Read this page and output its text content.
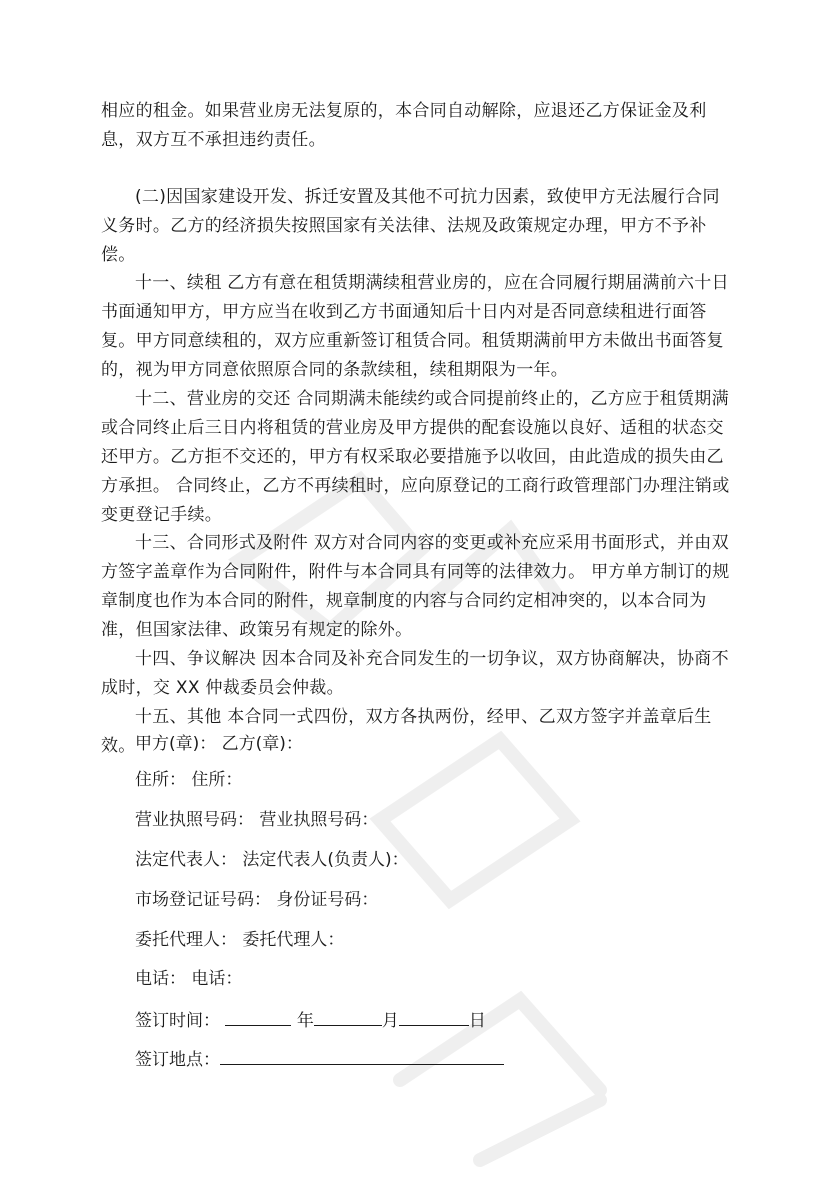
相应的租金。如果营业房无法复原的，本合同自动解除，应退还乙方保证金及利息，双方互不承担违约责任。

(二)因国家建设开发、拆迁安置及其他不可抗力因素，致使甲方无法履行合同义务时。乙方的经济损失按照国家有关法律、法规及政策规定办理，甲方不予补偿。

十一、续租 乙方有意在租赁期满续租营业房的，应在合同履行期届满前六十日书面通知甲方，甲方应当在收到乙方书面通知后十日内对是否同意续租进行面答复。甲方同意续租的，双方应重新签订租赁合同。租赁期满前甲方未做出书面答复的，视为甲方同意依照原合同的条款续租，续租期限为一年。

十二、营业房的交还 合同期满未能续约或合同提前终止的，乙方应于租赁期满或合同终止后三日内将租赁的营业房及甲方提供的配套设施以良好、适租的状态交还甲方。乙方拒不交还的，甲方有权采取必要措施予以收回，由此造成的损失由乙方承担。 合同终止，乙方不再续租时，应向原登记的工商行政管理部门办理注销或变更登记手续。

十三、合同形式及附件 双方对合同内容的变更或补充应采用书面形式，并由双方签字盖章作为合同附件，附件与本合同具有同等的法律效力。 甲方单方制订的规章制度也作为本合同的附件，规章制度的内容与合同约定相冲突的，以本合同为准，但国家法律、政策另有规定的除外。

十四、争议解决 因本合同及补充合同发生的一切争议，双方协商解决，协商不成时，交 XX 仲裁委员会仲裁。

十五、其他 本合同一式四份，双方各执两份，经甲、乙双方签字并盖章后生效。 甲方(章)： 乙方(章)：
住所： 住所：
营业执照号码： 营业执照号码：
法定代表人： 法定代表人(负责人)：
市场登记证号码： 身份证号码：
委托代理人： 委托代理人：
电话： 电话：
签订时间：	年	月	日
签订地点：
